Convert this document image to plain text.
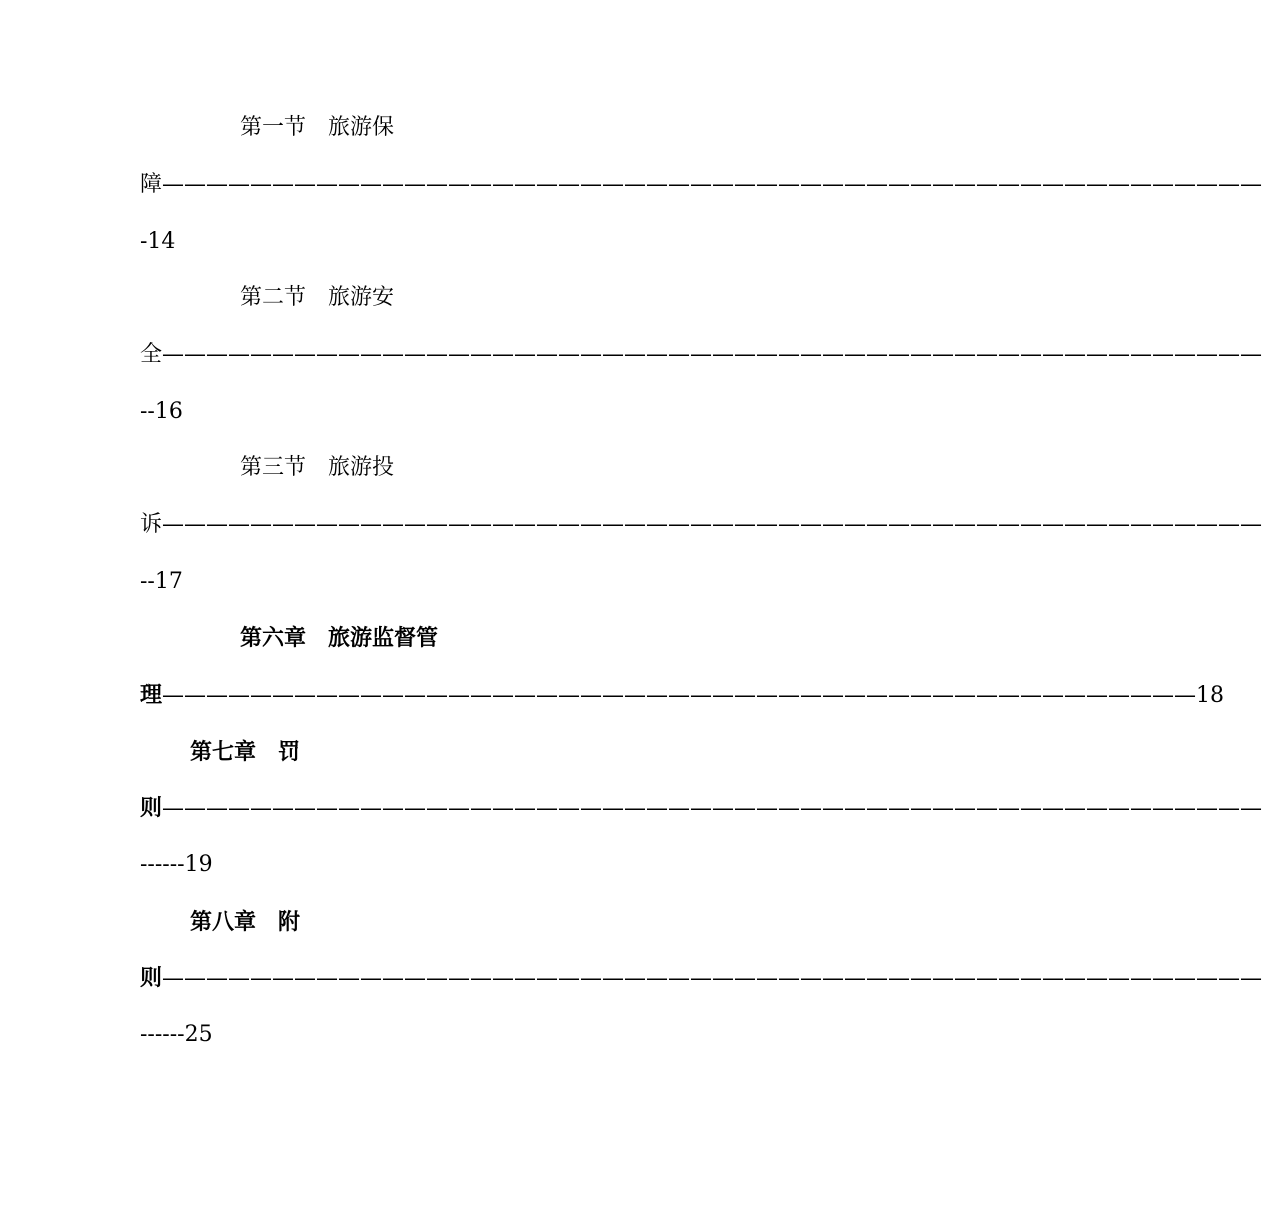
第一节　旅游保
障——————————————————————————————————————————————————
-14
第二节　旅游安
全——————————————————————————————————————————————————
--16
第三节　旅游投
诉——————————————————————————————————————————————————
--17
第六章　旅游监督管
理———————————————————————————————————————————————18
第七章　罚
则——————————————————————————————————————————————————
------19
第八章　附
则——————————————————————————————————————————————————
------25
